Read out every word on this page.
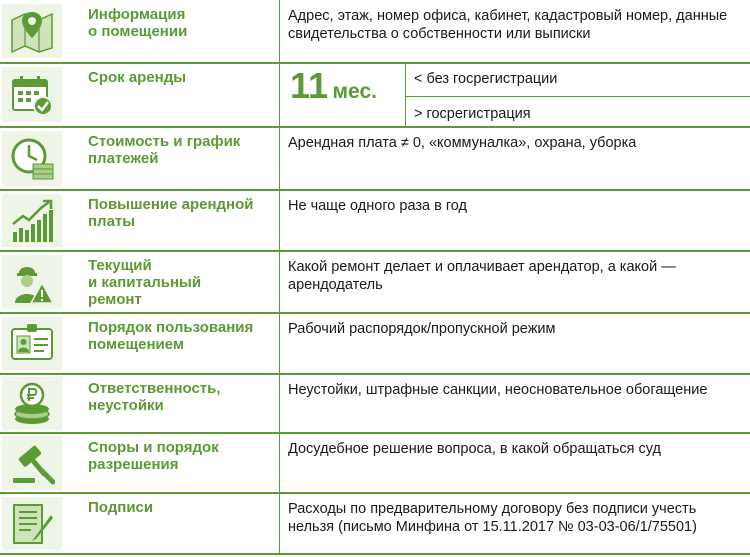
Информация
о помещении
Адрес, этаж, номер офиса, кабинет, кадастровый номер, данные свидетельства о собственности или выписки
Срок аренды	11 мес.
< без госрегистрации
> госрегистрация
Стоимость и график платежей
Арендная плата ≠ 0, «коммуналка», охрана, уборка
Повышение арендной платы
Не чаще одного раза в год
Текущий
и капитальный
ремонт
Какой ремонт делает и оплачивает арендатор, а какой — арендодатель
Порядок пользования помещением
Рабочий распорядок/пропускной режим
Ответственность, неустойки
Неустойки, штрафные санкции, неосновательное обогащение
Споры и порядок разрешения
Досудебное решение вопроса, в какой обращаться суд
Подписи	Расходы по предварительному договору без подписи учесть нельзя (письмо Минфина от 15.11.2017 № 03-03-06/1/75501)
